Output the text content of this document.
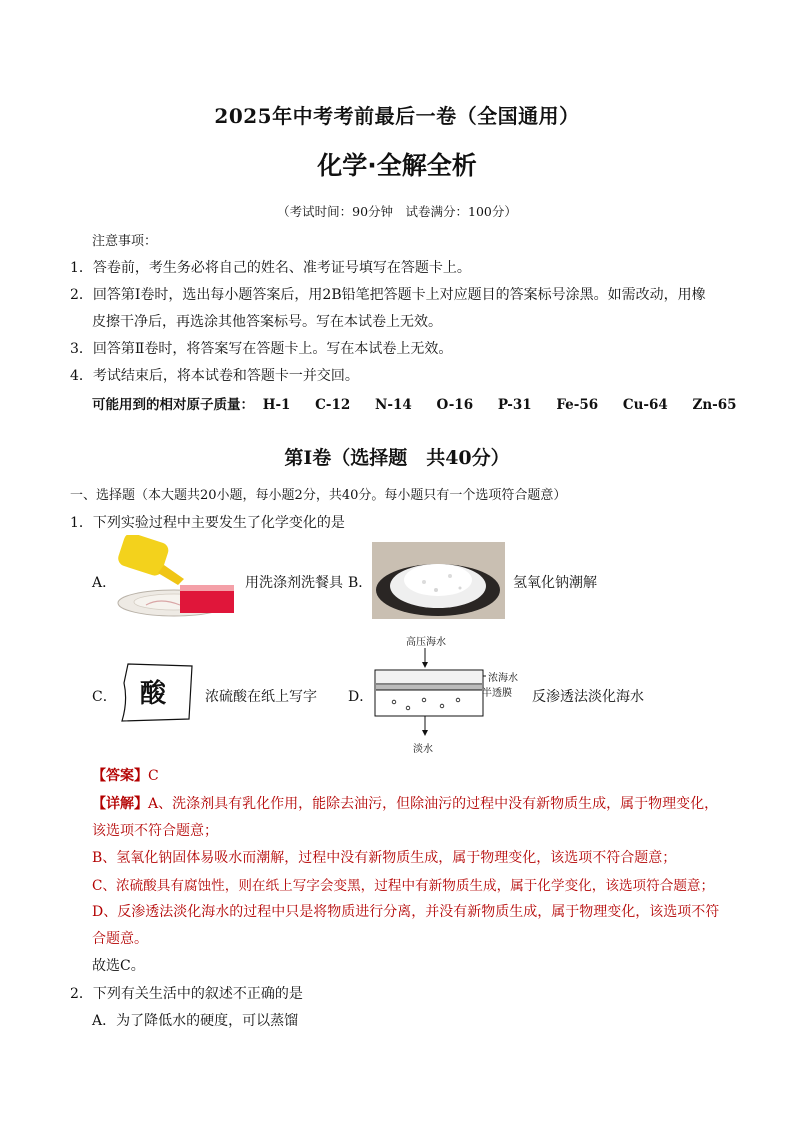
2025年中考考前最后一卷（全国通用）
化学·全解全析
（考试时间：90分钟　试卷满分：100分）
注意事项：
1．答卷前，考生务必将自己的姓名、准考证号填写在答题卡上。
2．回答第Ⅰ卷时，选出每小题答案后，用2B铅笔把答题卡上对应题目的答案标号涂黑。如需改动，用橡
皮擦干净后，再选涂其他答案标号。写在本试卷上无效。
3．回答第Ⅱ卷时，将答案写在答题卡上。写在本试卷上无效。
4．考试结束后，将本试卷和答题卡一并交回。
可能用到的相对原子质量： H-1 C-12 N-14 O-16 P-31 Fe-56 Cu-64 Zn-65
第Ⅰ卷（选择题　共40分）
一、选择题（本大题共20小题，每小题2分，共40分。每小题只有一个选项符合题意）
1．下列实验过程中主要发生了化学变化的是
A．	用洗涤剂洗餐具 B．	氢氧化钠潮解
C． 酸	浓硫酸在纸上写字 D．
高压海水
浓海水
半透膜
淡水
反渗透法淡化海水
【答案】C
【详解】A、洗涤剂具有乳化作用，能除去油污，但除油污的过程中没有新物质生成，属于物理变化，
该选项不符合题意；
B、氢氧化钠固体易吸水而潮解，过程中没有新物质生成，属于物理变化，该选项不符合题意；
C、浓硫酸具有腐蚀性，则在纸上写字会变黑，过程中有新物质生成，属于化学变化，该选项符合题意；
D、反渗透法淡化海水的过程中只是将物质进行分离，并没有新物质生成，属于物理变化，该选项不符
合题意。
故选C。
2．下列有关生活中的叙述不正确的是
A．为了降低水的硬度，可以蒸馏
